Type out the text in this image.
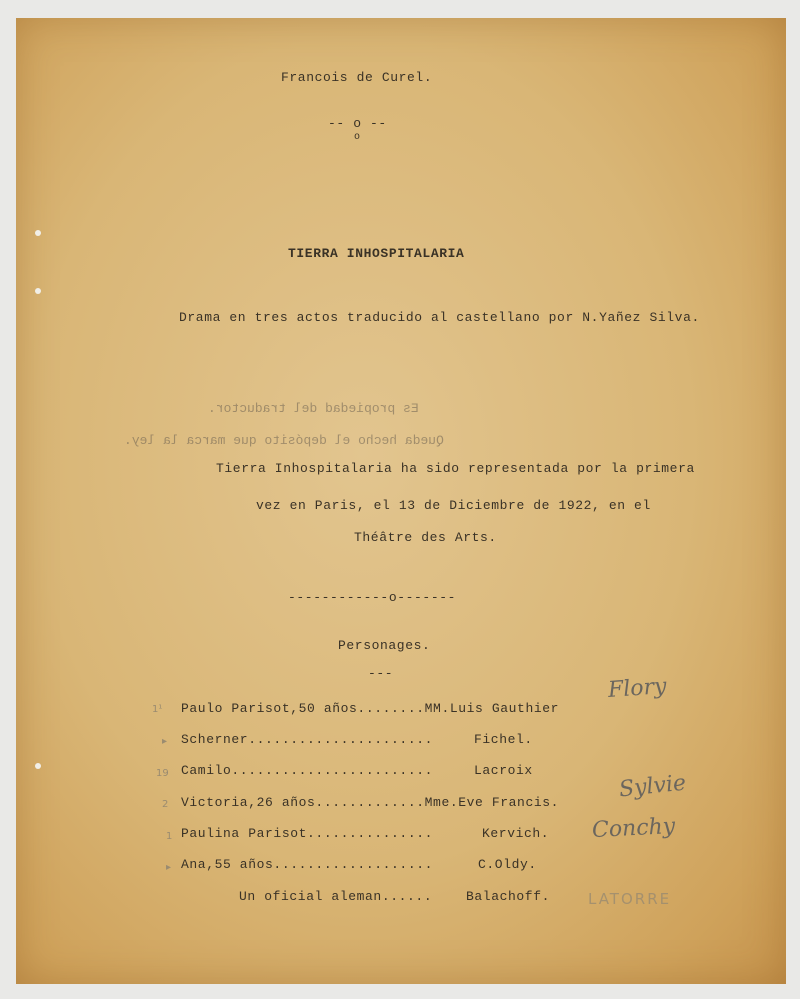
Francois de Curel.
-- o --
o
TIERRA INHOSPITALARIA
Drama en tres actos traducido al castellano por N.Yañez Silva.
Es propiedad del traductor.
Queda hecho el depósito que marca la ley.
Tierra Inhospitalaria ha sido representada por la primera
vez en Paris, el 13 de Diciembre de 1922, en el
Théâtre des Arts.
------------o-------
Personages.
---
1¹ Paulo Parisot,50 años........MM.Luis Gauthier
Flory
▸ Scherner......................	Fichel.
19 Camilo........................	Lacroix
2 Victoria,26 años.............Mme.Eve Francis.
Sylvie
1 Paulina Parisot...............	Kervich. Conchy
▸ Ana,55 años...................	C.Oldy.
Un oficial aleman......	Balachoff.	LATORRE
